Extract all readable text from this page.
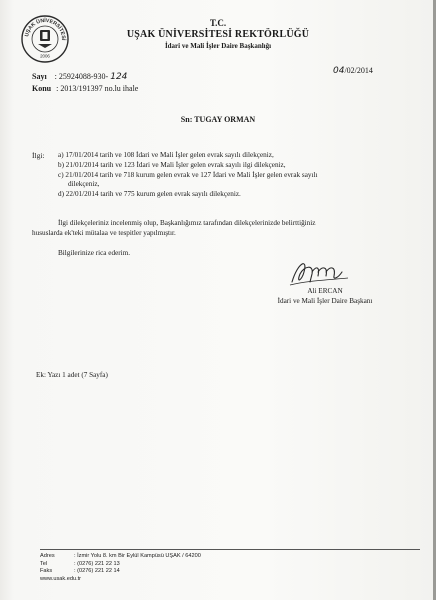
UŞAK ÜNİVERSİTESİ
2006
T.C.
UŞAK ÜNİVERSİTESİ REKTÖRLÜĞÜ
İdari ve Mali İşler Daire Başkanlığı
Sayı : 25924088-930- 124
Konu : 2013/191397 no.lu ihale
04/02/2014
Sn: TUGAY ORMAN
İlgi: a) 17/01/2014 tarih ve 108 İdari ve Mali İşler gelen evrak sayılı dilekçeniz,
b) 21/01/2014 tarih ve 123 İdari ve Mali İşler gelen evrak sayılı ilgi dilekçeniz,
c) 21/01/2014 tarih ve 718 kurum gelen evrak ve 127 İdari ve Mali İşler gelen evrak sayılı
dilekçeniz,
d) 22/01/2014 tarih ve 775 kurum gelen evrak sayılı dilekçeniz.
İlgi dilekçeleriniz incelenmiş olup, Başkanlığımız tarafından dilekçelerinizde belirttiğiniz
hususlarda ek'teki mütalaa ve tespitler yapılmıştır.
Bilgilerinize rica ederim.
Ali ERCAN
İdari ve Mali İşler Daire Başkanı
Ek: Yazı 1 adet (7 Sayfa)
Adres	: İzmir Yolu 8. km Bir Eylül Kampüsü UŞAK / 64200
Tel	: (0276) 221 22 13
Faks	: (0276) 221 22 14
www.usak.edu.tr
